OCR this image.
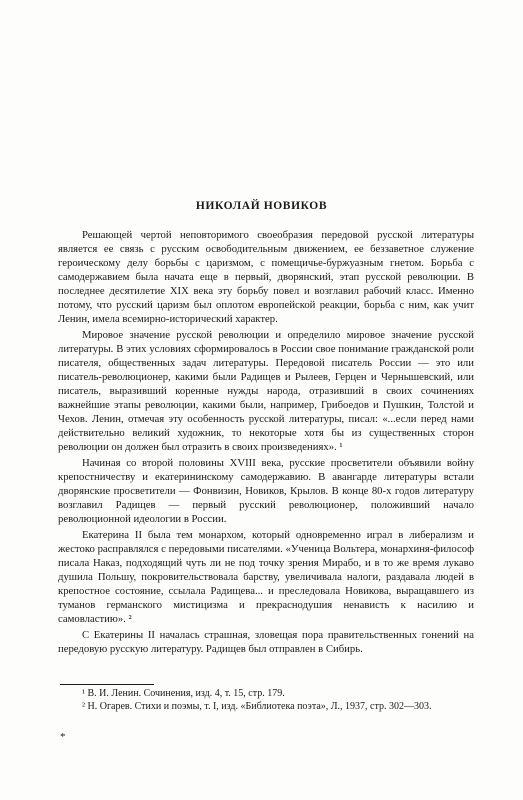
НИКОЛАЙ НОВИКОВ

Решающей чертой неповторимого своеобразия передовой русской литературы является ее связь с русским освободительным движением, ее беззаветное служение героическому делу борьбы с царизмом, с помещичье-буржуазным гнетом. Борьба с самодержавием была начата еще в первый, дворянский, этап русской революции. В последнее десятилетие XIX века эту борьбу повел и возглавил рабочий класс. Именно потому, что русский царизм был оплотом европейской реакции, борьба с ним, как учит Ленин, имела всемирно-исторический характер.

Мировое значение русской революции и определило мировое значение русской литературы. В этих условиях сформировалось в России свое понимание гражданской роли писателя, общественных задач литературы. Передовой писатель России — это или писатель-революционер, какими были Радищев и Рылеев, Герцен и Чернышевский, или писатель, выразивший коренные нужды народа, отразивший в своих сочинениях важнейшие этапы революции, какими были, например, Грибоедов и Пушкин, Толстой и Чехов. Ленин, отмечая эту особенность русской литературы, писал: «...если перед нами действительно великий художник, то некоторые хотя бы из существенных сторон революции он должен был отразить в своих произведениях». ¹

Начиная со второй половины XVIII века, русские просветители объявили войну крепостничеству и екатерининскому самодержавию. В авангарде литературы встали дворянские просветители — Фонвизин, Новиков, Крылов. В конце 80-х годов литературу возглавил Радищев — первый русский революционер, положивший начало революционной идеологии в России.

Екатерина II была тем монархом, который одновременно играл в либерализм и жестоко расправлялся с передовыми писателями. «Ученица Вольтера, монархиня-философ писала Наказ, подходящий чуть ли не под точку зрения Мирабо, и в то же время лукаво душила Польшу, покровительствовала барству, увеличивала налоги, раздавала людей в крепостное состояние, ссылала Радищева... и преследовала Новикова, выращавшего из туманов германского мистицизма и прекраснодушия ненависть к насилию и самовластию». ²

С Екатерины II началась страшная, зловещая пора правительственных гонений на передовую русскую литературу. Радищев был отправлен в Сибирь.

¹ В. И. Ленин. Сочинения, изд. 4, т. 15, стр. 179.

² Н. Огарев. Стихи и поэмы, т. I, изд. «Библиотека поэта», Л., 1937, стр. 302—303.

*
